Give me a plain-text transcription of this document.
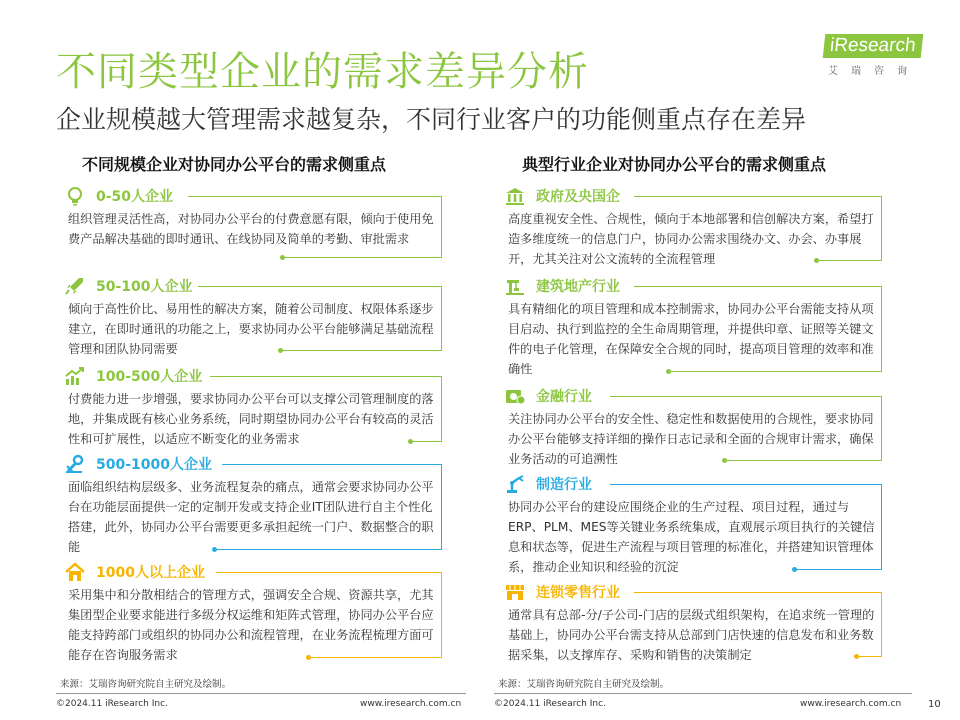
不同类型企业的需求差异分析
企业规模越大管理需求越复杂，不同行业客户的功能侧重点存在差异
iResearch
艾瑞咨询
不同规模企业对协同办公平台的需求侧重点	典型行业企业对协同办公平台的需求侧重点
0-50人企业
组织管理灵活性高，对协同办公平台的付费意愿有限，倾向于使用免费产品解决基础的即时通讯、在线协同及简单的考勤、审批需求
50-100人企业
倾向于高性价比、易用性的解决方案，随着公司制度、权限体系逐步建立，在即时通讯的功能之上，要求协同办公平台能够满足基础流程管理和团队协同需要
100-500人企业
付费能力进一步增强，要求协同办公平台可以支撑公司管理制度的落地，并集成既有核心业务系统，同时期望协同办公平台有较高的灵活性和可扩展性，以适应不断变化的业务需求
500-1000人企业
面临组织结构层级多、业务流程复杂的痛点，通常会要求协同办公平台在功能层面提供一定的定制开发或支持企业IT团队进行自主个性化搭建，此外，协同办公平台需要更多承担起统一门户、数据整合的职能
1000人以上企业
采用集中和分散相结合的管理方式，强调安全合规、资源共享，尤其集团型企业要求能进行多级分权运维和矩阵式管理，协同办公平台应能支持跨部门或组织的协同办公和流程管理，在业务流程梳理方面可能存在咨询服务需求
政府及央国企
高度重视安全性、合规性，倾向于本地部署和信创解决方案，希望打造多维度统一的信息门户，协同办公需求围绕办文、办会、办事展开，尤其关注对公文流转的全流程管理
建筑地产行业
具有精细化的项目管理和成本控制需求，协同办公平台需能支持从项目启动、执行到监控的全生命周期管理，并提供印章、证照等关键文件的电子化管理，在保障安全合规的同时，提高项目管理的效率和准确性
金融行业
关注协同办公平台的安全性、稳定性和数据使用的合规性，要求协同办公平台能够支持详细的操作日志记录和全面的合规审计需求，确保业务活动的可追溯性
制造行业
协同办公平台的建设应围绕企业的生产过程、项目过程，通过与ERP、PLM、MES等关键业务系统集成，直观展示项目执行的关键信息和状态等，促进生产流程与项目管理的标准化，并搭建知识管理体系，推动企业知识和经验的沉淀
连锁零售行业
通常具有总部-分/子公司-门店的层级式组织架构，在追求统一管理的基础上，协同办公平台需支持从总部到门店快速的信息发布和业务数据采集，以支撑库存、采购和销售的决策制定
来源：艾瑞咨询研究院自主研究及绘制。	来源：艾瑞咨询研究院自主研究及绘制。
©2024.11 iResearch Inc.	www.iresearch.com.cn	©2024.11 iResearch Inc.	www.iresearch.com.cn	10
